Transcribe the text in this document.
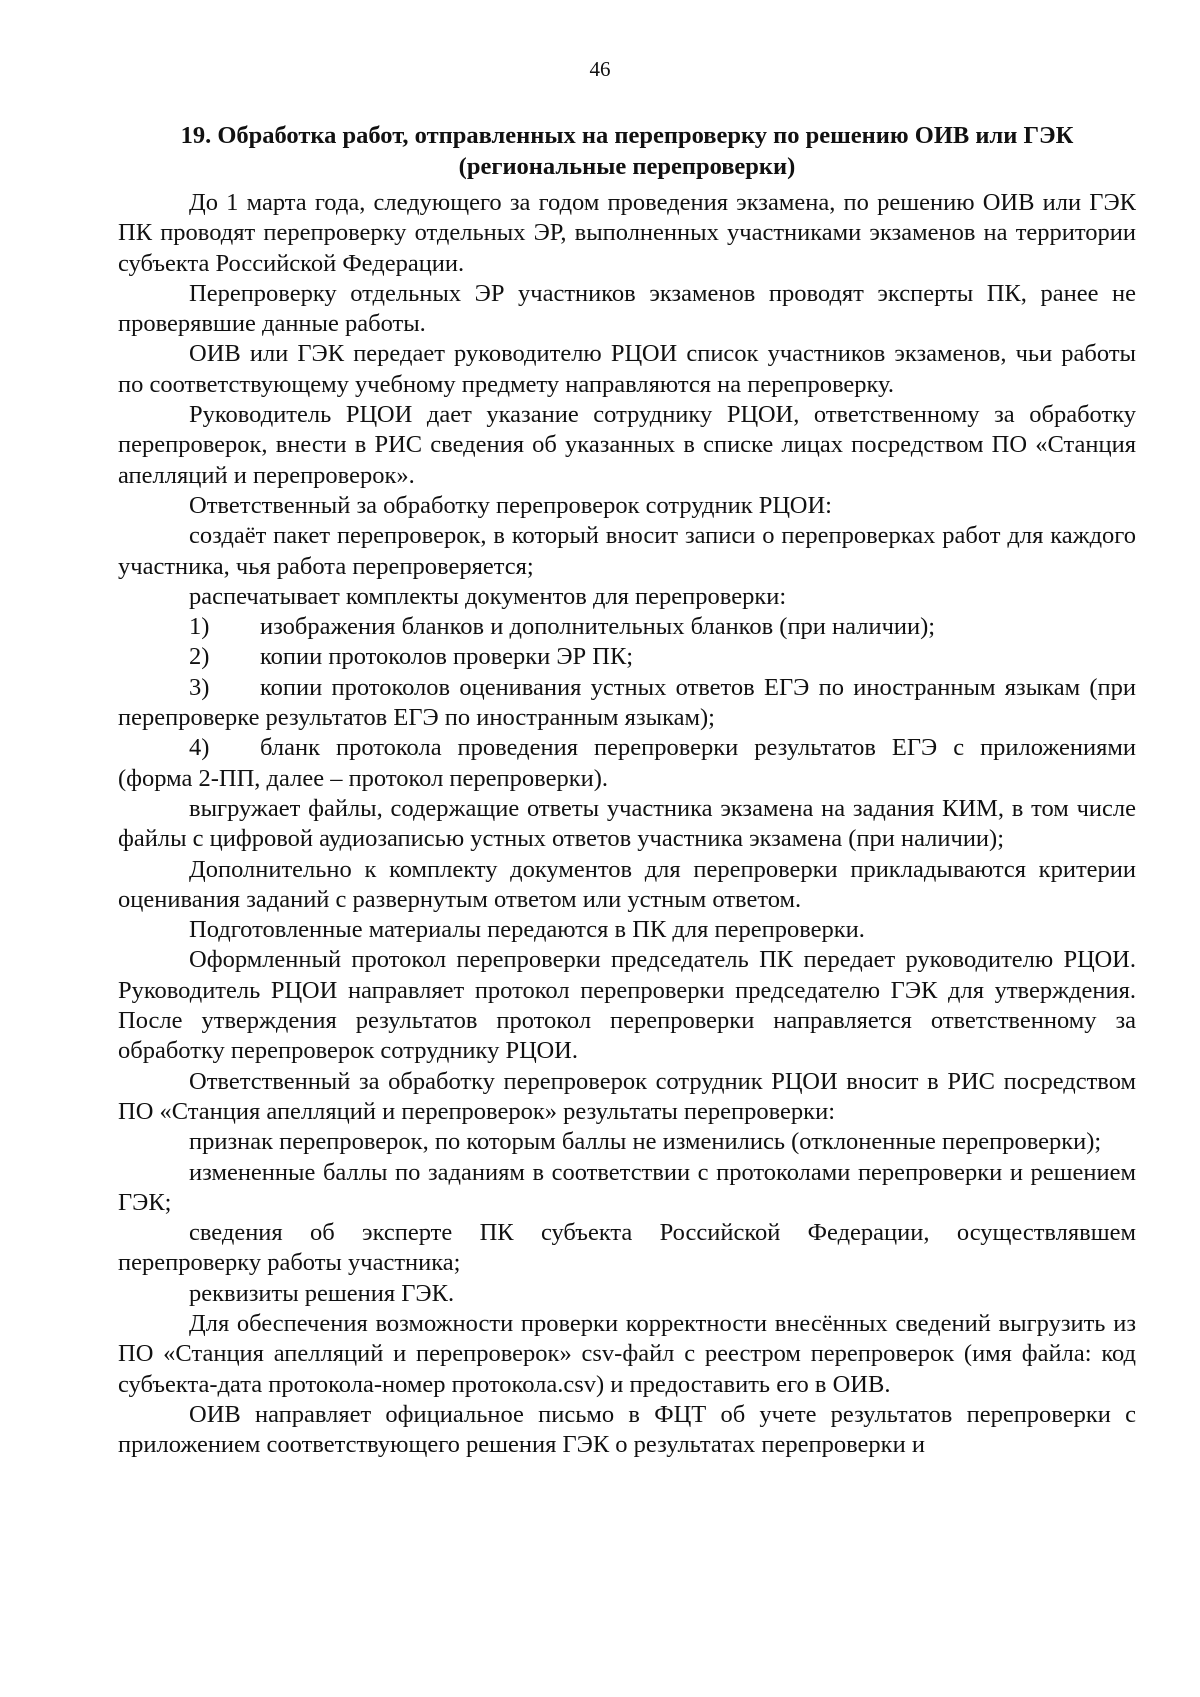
46
19. Обработка работ, отправленных на перепроверку по решению ОИВ или ГЭК
(региональные перепроверки)

До 1 марта года, следующего за годом проведения экзамена, по решению ОИВ или ГЭК ПК проводят перепроверку отдельных ЭР, выполненных участниками экзаменов на территории субъекта Российской Федерации.

Перепроверку отдельных ЭР участников экзаменов проводят эксперты ПК, ранее не проверявшие данные работы.

ОИВ или ГЭК передает руководителю РЦОИ список участников экзаменов, чьи работы по соответствующему учебному предмету направляются на перепроверку.

Руководитель РЦОИ дает указание сотруднику РЦОИ, ответственному за обработку перепроверок, внести в РИС сведения об указанных в списке лицах посредством ПО «Станция апелляций и перепроверок».

Ответственный за обработку перепроверок сотрудник РЦОИ:

создаёт пакет перепроверок, в который вносит записи о перепроверках работ для каждого участника, чья работа перепроверяется;

распечатывает комплекты документов для перепроверки:

1) изображения бланков и дополнительных бланков (при наличии);

2) копии протоколов проверки ЭР ПК;

3) копии протоколов оценивания устных ответов ЕГЭ по иностранным языкам (при перепроверке результатов ЕГЭ по иностранным языкам);

4) бланк протокола проведения перепроверки результатов ЕГЭ с приложениями (форма 2-ПП, далее – протокол перепроверки).

выгружает файлы, содержащие ответы участника экзамена на задания КИМ, в том числе файлы с цифровой аудиозаписью устных ответов участника экзамена (при наличии);

Дополнительно к комплекту документов для перепроверки прикладываются критерии оценивания заданий с развернутым ответом или устным ответом.

Подготовленные материалы передаются в ПК для перепроверки.

Оформленный протокол перепроверки председатель ПК передает руководителю РЦОИ. Руководитель РЦОИ направляет протокол перепроверки председателю ГЭК для утверждения. После утверждения результатов протокол перепроверки направляется ответственному за обработку перепроверок сотруднику РЦОИ.

Ответственный за обработку перепроверок сотрудник РЦОИ вносит в РИС посредством ПО «Станция апелляций и перепроверок» результаты перепроверки:

признак перепроверок, по которым баллы не изменились (отклоненные перепроверки);

измененные баллы по заданиям в соответствии с протоколами перепроверки и решением ГЭК;

сведения об эксперте ПК субъекта Российской Федерации, осуществлявшем перепроверку работы участника;

реквизиты решения ГЭК.

Для обеспечения возможности проверки корректности внесённых сведений выгрузить из ПО «Станция апелляций и перепроверок» csv-файл с реестром перепроверок (имя файла: код субъекта-дата протокола-номер протокола.csv) и предоставить его в ОИВ.

ОИВ направляет официальное письмо в ФЦТ об учете результатов перепроверки с приложением соответствующего решения ГЭК о результатах перепроверки и
